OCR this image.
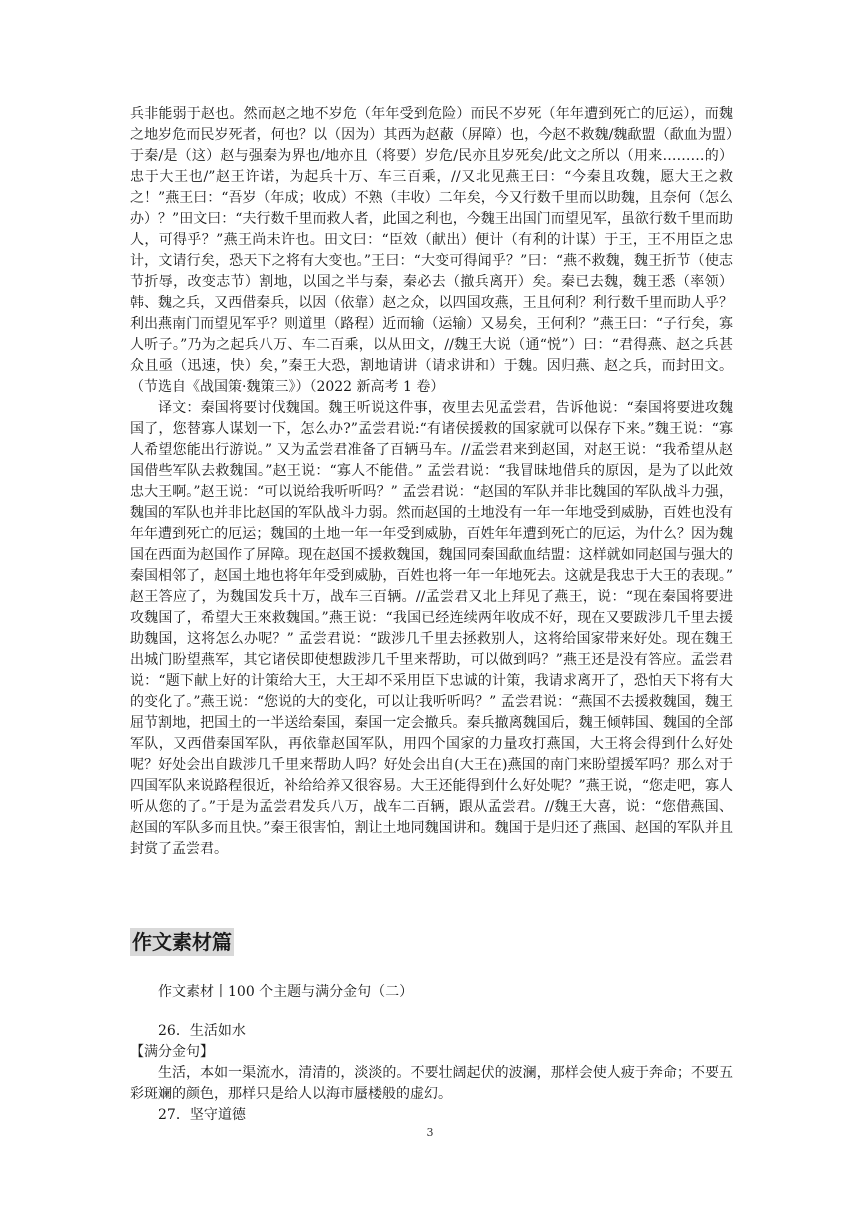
兵非能弱于赵也。然而赵之地不岁危（年年受到危险）而民不岁死（年年遭到死亡的厄运），而魏之地岁危而民岁死者，何也？以（因为）其西为赵蔽（屏障）也，今赵不救魏/魏歃盟（歃血为盟）于秦/是（这）赵与强秦为界也/地亦且（将要）岁危/民亦且岁死矣/此文之所以（用来………的）忠于大王也/”赵王许诺，为起兵十万、车三百乘，//又北见燕王曰：“今秦且攻魏，愿大王之救之！”燕王曰：“吾岁（年成；收成）不熟（丰收）二年矣，今又行数千里而以助魏，且奈何（怎么办）？”田文曰：“夫行数千里而救人者，此国之利也，今魏王出国门而望见军，虽欲行数千里而助人，可得乎？”燕王尚未许也。田文曰：“臣效（献出）便计（有利的计谋）于王，王不用臣之忠计，文请行矣，恐天下之将有大变也。”王曰：“大变可得闻乎？”曰：“燕不救魏，魏王折节（使志节折辱，改变志节）割地，以国之半与秦，秦必去（撤兵离开）矣。秦已去魏，魏王悉（率领）韩、魏之兵，又西借秦兵，以因（依靠）赵之众，以四国攻燕，王且何利？利行数千里而助人乎？利出燕南门而望见军乎？则道里（路程）近而输（运输）又易矣，王何利？”燕王曰：“子行矣，寡人听子。”乃为之起兵八万、车二百乘，以从田文，//魏王大说（通“悦”）曰：“君得燕、赵之兵甚众且亟（迅速，快）矣，”秦王大恐，割地请讲（请求讲和）于魏。因归燕、赵之兵，而封田文。（节选自《战国策·魏策三》）（2022 新高考 1 卷）

译文：秦国将要讨伐魏国。魏王听说这件事，夜里去见孟尝君，告诉他说：“秦国将要进攻魏国了，您替寡人谋划一下，怎么办?”孟尝君说:“有诸侯援救的国家就可以保存下来。”魏王说：“寡人希望您能出行游说。” 又为孟尝君准备了百辆马车。//孟尝君来到赵国，对赵王说：“我希望从赵国借些军队去救魏国。”赵王说：“寡人不能借。” 孟尝君说：“我冒昧地借兵的原因，是为了以此效忠大王啊。”赵王说：“可以说给我听听吗？” 孟尝君说：“赵国的军队并非比魏国的军队战斗力强，魏国的军队也并非比赵国的军队战斗力弱。然而赵国的土地没有一年一年地受到威胁，百姓也没有年年遭到死亡的厄运；魏国的土地一年一年受到威胁，百姓年年遭到死亡的厄运，为什么？因为魏国在西面为赵国作了屏障。现在赵国不援救魏国，魏国同秦国歃血结盟：这样就如同赵国与强大的秦国相邻了，赵国土地也将年年受到威胁，百姓也将一年一年地死去。这就是我忠于大王的表现。” 赵王答应了，为魏国发兵十万，战车三百辆。//孟尝君又北上拜见了燕王，说：“现在秦国将要进攻魏国了，希望大王來救魏国。”燕王说：“我国已经连续两年收成不好，现在又要跋涉几千里去援助魏国，这将怎么办呢？” 孟尝君说：“跋涉几千里去拯救别人，这将给国家带来好处。现在魏王出城门盼望燕军，其它诸侯即使想跋涉几千里来帮助，可以做到吗？”燕王还是没有答应。孟尝君说：“题下献上好的计策给大王，大王却不采用臣下忠诚的计策，我请求离开了，恐怕天下将有大的变化了。”燕王说：“您说的大的变化，可以让我听听吗？” 孟尝君说：“燕国不去援救魏国，魏王屈节割地，把国土的一半送给秦国，秦国一定会撤兵。秦兵撤离魏国后，魏王倾韩国、魏国的全部军队，又西借秦国军队，再依靠赵国军队，用四个国家的力量攻打燕国，大王将会得到什么好处呢？好处会出自跋涉几千里来帮助人吗？好处会出自(大王在)燕国的南门来盼望援军吗？那么对于四国军队来说路程很近，补给给养又很容易。大王还能得到什么好处呢？”燕王说，“您走吧，寡人听从您的了。”于是为孟尝君发兵八万，战车二百辆，跟从孟尝君。//魏王大喜，说：“您借燕国、赵国的军队多而且快。”秦王很害怕，割让土地同魏国讲和。魏国于是归还了燕国、赵国的军队并且封赏了孟尝君。

作文素材篇

作文素材丨100 个主题与满分金句（二）

26．生活如水

【满分金句】

生活，本如一渠流水，清清的，淡淡的。不要壮阔起伏的波澜，那样会使人疲于奔命；不要五彩斑斓的颜色，那样只是给人以海市蜃楼般的虚幻。

27．坚守道德

3
